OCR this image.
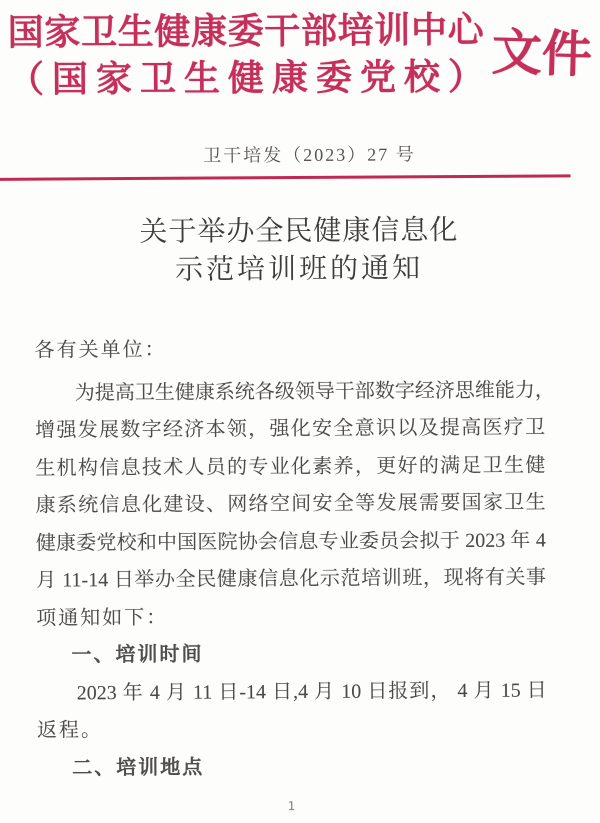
国家卫生健康委干部培训中心
（国家卫生健康委党校） 文件
卫干培发（2023）27 号
关于举办全民健康信息化
示范培训班的通知

各有关单位：

为提高卫生健康系统各级领导干部数字经济思维能力，
增强发展数字经济本领，强化安全意识以及提高医疗卫
生机构信息技术人员的专业化素养，更好的满足卫生健
康系统信息化建设、网络空间安全等发展需要国家卫生
健康委党校和中国医院协会信息专业委员会拟于 2023 年 4
月 11-14 日举办全民健康信息化示范培训班，现将有关事
项通知如下：
一、培训时间
2023 年 4 月 11 日-14 日,4 月 10 日报到， 4 月 15 日
返程。
二、培训地点
1
